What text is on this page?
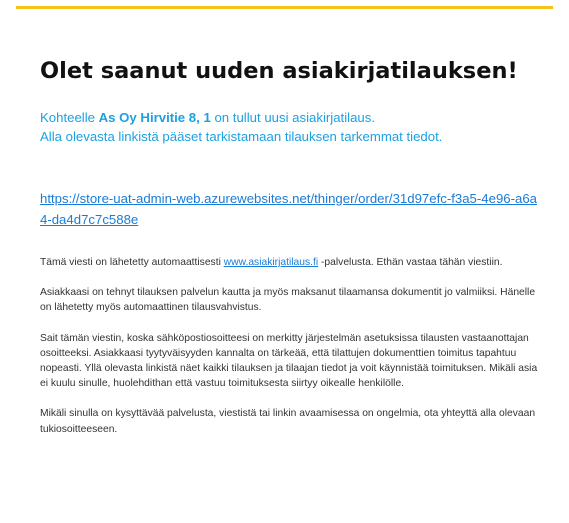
Olet saanut uuden asiakirjatilauksen!
Kohteelle As Oy Hirvitie 8, 1 on tullut uusi asiakirjatilaus.
Alla olevasta linkistä pääset tarkistamaan tilauksen tarkemmat tiedot.
https://store-uat-admin-web.azurewebsites.net/thinger/order/31d97efc-f3a5-4e96-a6a4-da4d7c7c588e

Tämä viesti on lähetetty automaattisesti www.asiakirjatilaus.fi -palvelusta. Ethän vastaa tähän viestiin.

Asiakkaasi on tehnyt tilauksen palvelun kautta ja myös maksanut tilaamansa dokumentit jo valmiiksi. Hänelle on lähetetty myös automaattinen tilausvahvistus.

Sait tämän viestin, koska sähköpostiosoitteesi on merkitty järjestelmän asetuksissa tilausten vastaanottajan osoitteeksi. Asiakkaasi tyytyväisyyden kannalta on tärkeää, että tilattujen dokumenttien toimitus tapahtuu nopeasti. Yllä olevasta linkistä näet kaikki tilauksen ja tilaajan tiedot ja voit käynnistää toimituksen. Mikäli asia ei kuulu sinulle, huolehdithan että vastuu toimituksesta siirtyy oikealle henkilölle.

Mikäli sinulla on kysyttävää palvelusta, viestistä tai linkin avaamisessa on ongelmia, ota yhteyttä alla olevaan tukiosoitteeseen.
